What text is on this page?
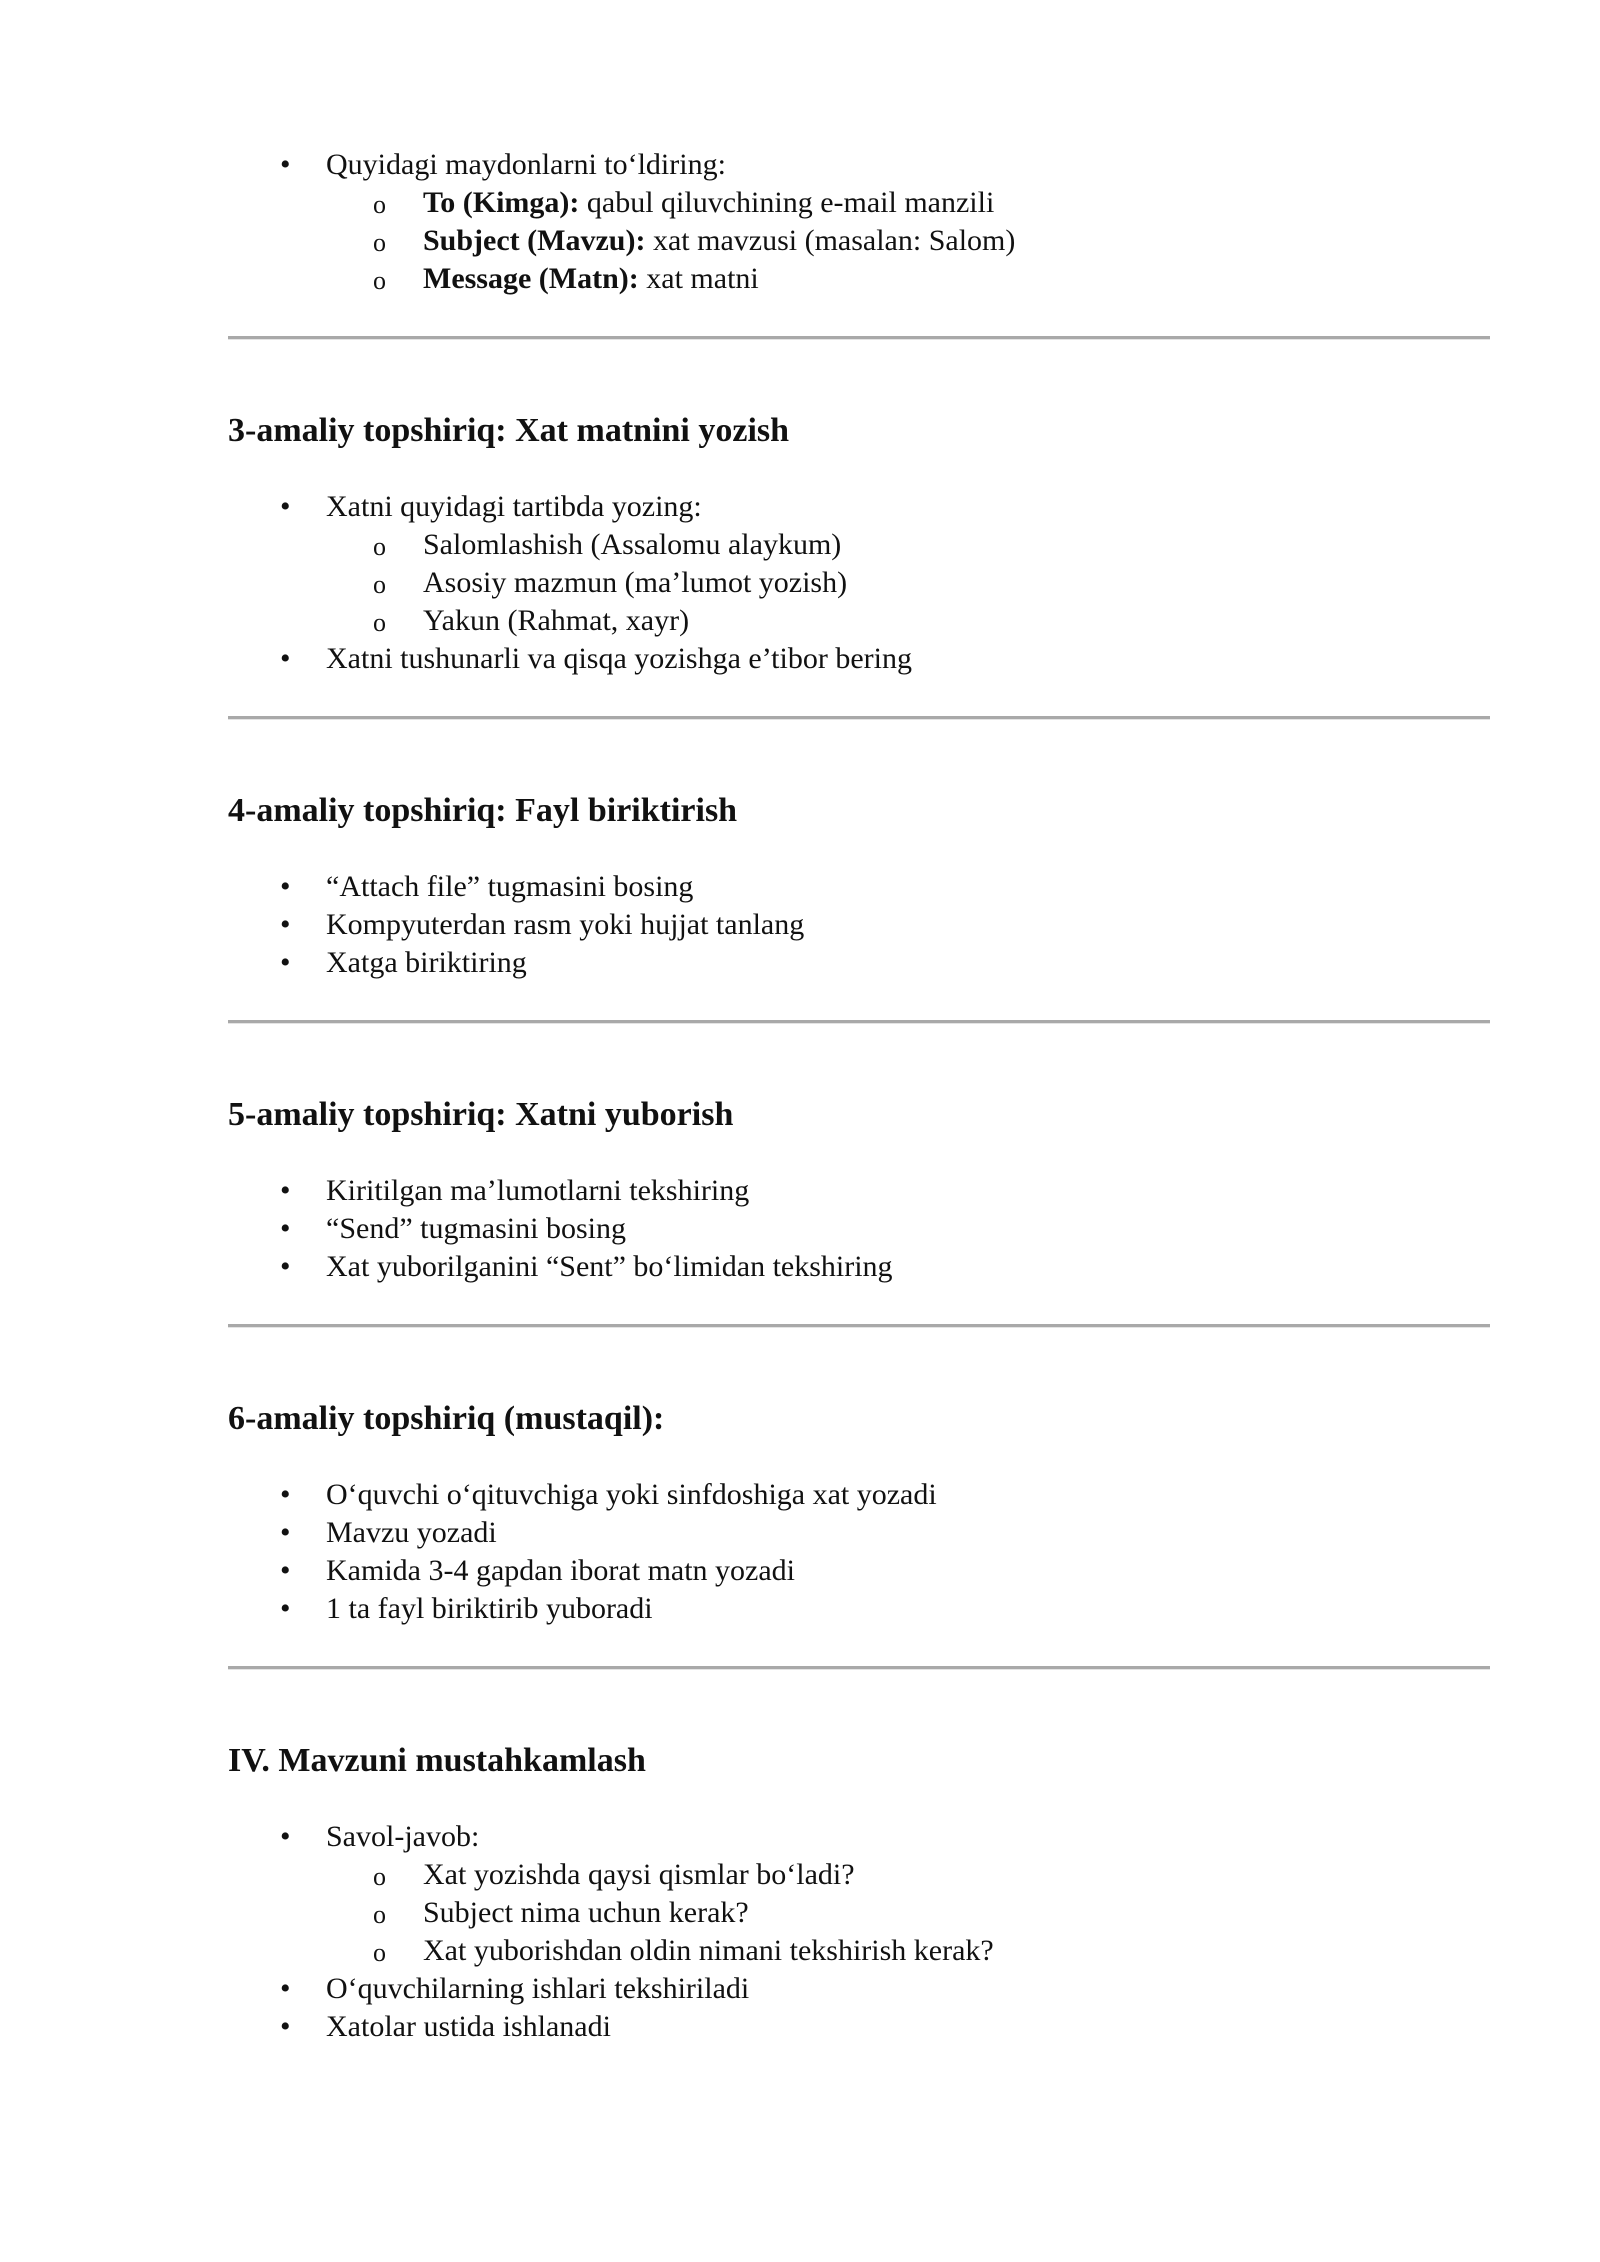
• Quyidagi maydonlarni to‘ldiring:
o To (Kimga): qabul qiluvchining e-mail manzili
o Subject (Mavzu): xat mavzusi (masalan: Salom)
o Message (Matn): xat matni
3-amaliy topshiriq: Xat matnini yozish
• Xatni quyidagi tartibda yozing:
o Salomlashish (Assalomu alaykum)
o Asosiy mazmun (ma’lumot yozish)
o Yakun (Rahmat, xayr)
• Xatni tushunarli va qisqa yozishga e’tibor bering
4-amaliy topshiriq: Fayl biriktirish
• “Attach file” tugmasini bosing
• Kompyuterdan rasm yoki hujjat tanlang
• Xatga biriktiring
5-amaliy topshiriq: Xatni yuborish
• Kiritilgan ma’lumotlarni tekshiring
• “Send” tugmasini bosing
• Xat yuborilganini “Sent” bo‘limidan tekshiring
6-amaliy topshiriq (mustaqil):
• O‘quvchi o‘qituvchiga yoki sinfdoshiga xat yozadi
• Mavzu yozadi
• Kamida 3-4 gapdan iborat matn yozadi
• 1 ta fayl biriktirib yuboradi
IV. Mavzuni mustahkamlash
• Savol-javob:
o Xat yozishda qaysi qismlar bo‘ladi?
o Subject nima uchun kerak?
o Xat yuborishdan oldin nimani tekshirish kerak?
• O‘quvchilarning ishlari tekshiriladi
• Xatolar ustida ishlanadi
